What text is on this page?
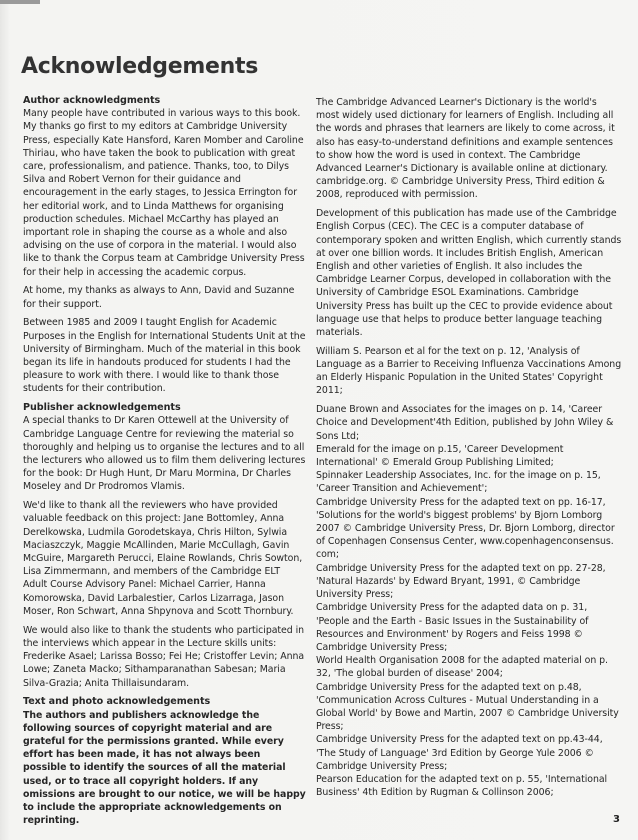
Acknowledgements
Author acknowledgments

Many people have contributed in various ways to this book. My thanks go first to my editors at Cambridge University Press, especially Kate Hansford, Karen Momber and Caroline Thiriau, who have taken the book to publication with great care, professionalism, and patience. Thanks, too, to Dilys Silva and Robert Vernon for their guidance and encouragement in the early stages, to Jessica Errington for her editorial work, and to Linda Matthews for organising production schedules. Michael McCarthy has played an important role in shaping the course as a whole and also advising on the use of corpora in the material. I would also like to thank the Corpus team at Cambridge University Press for their help in accessing the academic corpus.

At home, my thanks as always to Ann, David and Suzanne for their support.

Between 1985 and 2009 I taught English for Academic Purposes in the English for International Students Unit at the University of Birmingham. Much of the material in this book began its life in handouts produced for students I had the pleasure to work with there. I would like to thank those students for their contribution.

Publisher acknowledgements

A special thanks to Dr Karen Ottewell at the University of Cambridge Language Centre for reviewing the material so thoroughly and helping us to organise the lectures and to all the lecturers who allowed us to film them delivering lectures for the book: Dr Hugh Hunt, Dr Maru Mormina, Dr Charles Moseley and Dr Prodromos Vlamis.

We'd like to thank all the reviewers who have provided valuable feedback on this project: Jane Bottomley, Anna Derelkowska, Ludmila Gorodetskaya, Chris Hilton, Sylwia Maciaszczyk, Maggie McAllinden, Marie McCullagh, Gavin McGuire, Margareth Perucci, Elaine Rowlands, Chris Sowton, Lisa Zimmermann, and members of the Cambridge ELT Adult Course Advisory Panel: Michael Carrier, Hanna Komorowska, David Larbalestier, Carlos Lizarraga, Jason Moser, Ron Schwart, Anna Shpynova and Scott Thornbury.

We would also like to thank the students who participated in the interviews which appear in the Lecture skills units: Frederike Asael; Larissa Bosso; Fei He; Cristoffer Levin; Anna Lowe; Zaneta Macko; Sithamparanathan Sabesan; Maria Silva-Grazia; Anita Thillaisundaram.

Text and photo acknowledgements

The authors and publishers acknowledge the following sources of copyright material and are grateful for the permissions granted. While every effort has been made, it has not always been possible to identify the sources of all the material used, or to trace all copyright holders. If any omissions are brought to our notice, we will be happy to include the appropriate acknowledgements on reprinting.

The Cambridge Advanced Learner's Dictionary is the world's most widely used dictionary for learners of English. Including all the words and phrases that learners are likely to come across, it also has easy-to-understand definitions and example sentences to show how the word is used in context. The Cambridge Advanced Learner's Dictionary is available online at dictionary. cambridge.org. © Cambridge University Press, Third edition & 2008, reproduced with permission.

Development of this publication has made use of the Cambridge English Corpus (CEC). The CEC is a computer database of contemporary spoken and written English, which currently stands at over one billion words. It includes British English, American English and other varieties of English. It also includes the Cambridge Learner Corpus, developed in collaboration with the University of Cambridge ESOL Examinations. Cambridge University Press has built up the CEC to provide evidence about language use that helps to produce better language teaching materials.

William S. Pearson et al for the text on p. 12, 'Analysis of Language as a Barrier to Receiving Influenza Vaccinations Among an Elderly Hispanic Population in the United States' Copyright 2011;

Duane Brown and Associates for the images on p. 14, 'Career Choice and Development'4th Edition, published by John Wiley & Sons Ltd;
Emerald for the image on p.15, 'Career Development International' © Emerald Group Publishing Limited;
Spinnaker Leadership Associates, Inc. for the image on p. 15, 'Career Transition and Achievement';
Cambridge University Press for the adapted text on pp. 16-17, 'Solutions for the world's biggest problems' by Bjorn Lomborg 2007 © Cambridge University Press, Dr. Bjorn Lomborg, director of Copenhagen Consensus Center, www.copenhagenconsensus. com;
Cambridge University Press for the adapted text on pp. 27-28, 'Natural Hazards' by Edward Bryant, 1991, © Cambridge University Press;
Cambridge University Press for the adapted data on p. 31, 'People and the Earth - Basic Issues in the Sustainability of Resources and Environment' by Rogers and Feiss 1998 © Cambridge University Press;
World Health Organisation 2008 for the adapted material on p. 32, 'The global burden of disease' 2004;
Cambridge University Press for the adapted text on p.48, 'Communication Across Cultures - Mutual Understanding in a Global World' by Bowe and Martin, 2007 © Cambridge University Press;
Cambridge University Press for the adapted text on pp.43-44, 'The Study of Language' 3rd Edition by George Yule 2006 © Cambridge University Press;
Pearson Education for the adapted text on p. 55, 'International Business' 4th Edition by Rugman & Collinson 2006;
3
